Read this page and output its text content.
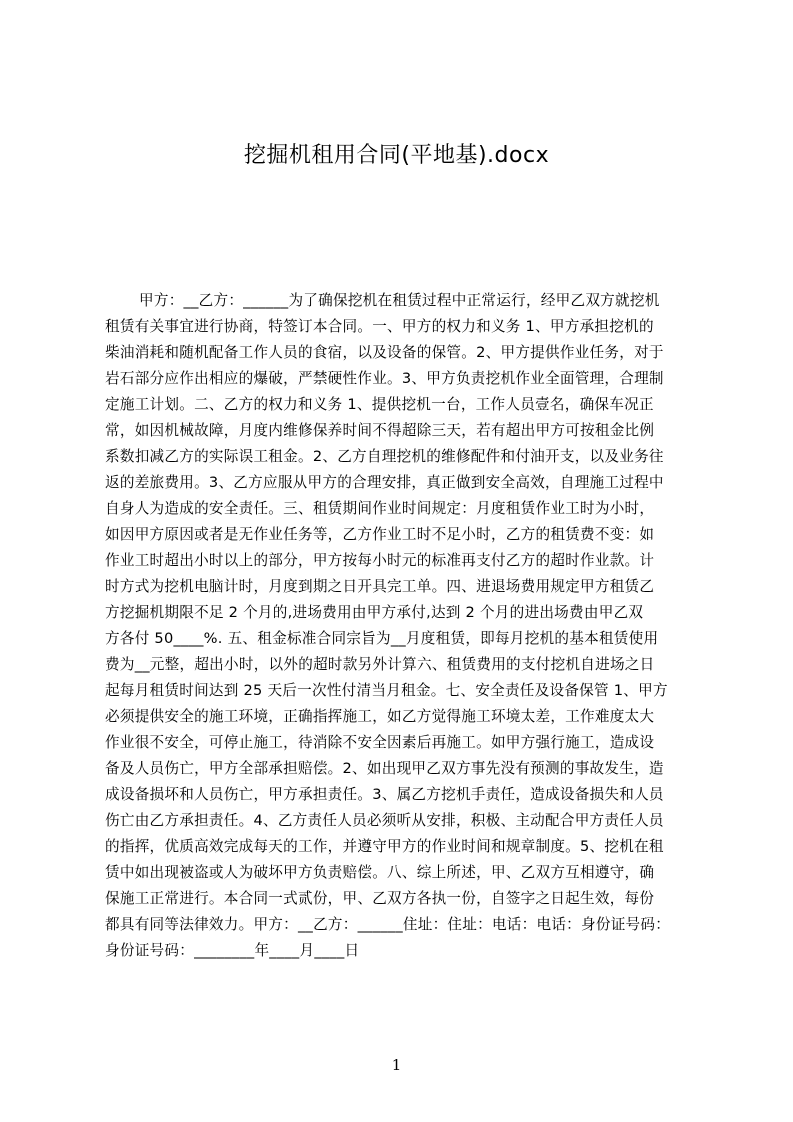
挖掘机租用合同(平地基).docx
甲方：__乙方：______为了确保挖机在租赁过程中正常运行，经甲乙双方就挖机
租赁有关事宜进行协商，特签订本合同。一、甲方的权力和义务 1、甲方承担挖机的
柴油消耗和随机配备工作人员的食宿，以及设备的保管。2、甲方提供作业任务，对于
岩石部分应作出相应的爆破，严禁硬性作业。3、甲方负责挖机作业全面管理，合理制
定施工计划。二、乙方的权力和义务 1、提供挖机一台，工作人员壹名，确保车况正
常，如因机械故障，月度内维修保养时间不得超除三天，若有超出甲方可按租金比例
系数扣减乙方的实际误工租金。2、乙方自理挖机的维修配件和付油开支，以及业务往
返的差旅费用。3、乙方应服从甲方的合理安排，真正做到安全高效，自理施工过程中
自身人为造成的安全责任。三、租赁期间作业时间规定：月度租赁作业工时为小时，
如因甲方原因或者是无作业任务等，乙方作业工时不足小时，乙方的租赁费不变：如
作业工时超出小时以上的部分，甲方按每小时元的标准再支付乙方的超时作业款。计
时方式为挖机电脑计时，月度到期之日开具完工单。四、进退场费用规定甲方租赁乙
方挖掘机期限不足 2 个月的,进场费用由甲方承付,达到 2 个月的进出场费由甲乙双
方各付 50____%. 五、租金标准合同宗旨为__月度租赁，即每月挖机的基本租赁使用
费为__元整，超出小时，以外的超时款另外计算六、租赁费用的支付挖机自进场之日
起每月租赁时间达到 25 天后一次性付清当月租金。七、安全责任及设备保管 1、甲方
必须提供安全的施工环境，正确指挥施工，如乙方觉得施工环境太差，工作难度太大
作业很不安全，可停止施工，待消除不安全因素后再施工。如甲方强行施工，造成设
备及人员伤亡，甲方全部承担赔偿。2、如出现甲乙双方事先没有预测的事故发生，造
成设备损坏和人员伤亡，甲方承担责任。3、属乙方挖机手责任，造成设备损失和人员
伤亡由乙方承担责任。4、乙方责任人员必须听从安排，积极、主动配合甲方责任人员
的指挥，优质高效完成每天的工作，并遵守甲方的作业时间和规章制度。5、挖机在租
赁中如出现被盗或人为破坏甲方负责赔偿。八、综上所述，甲、乙双方互相遵守，确
保施工正常进行。本合同一式贰份，甲、乙双方各执一份，自签字之日起生效，每份
都具有同等法律效力。甲方：__乙方：______住址：住址：电话：电话：身份证号码：
身份证号码：________年____月____日
1
